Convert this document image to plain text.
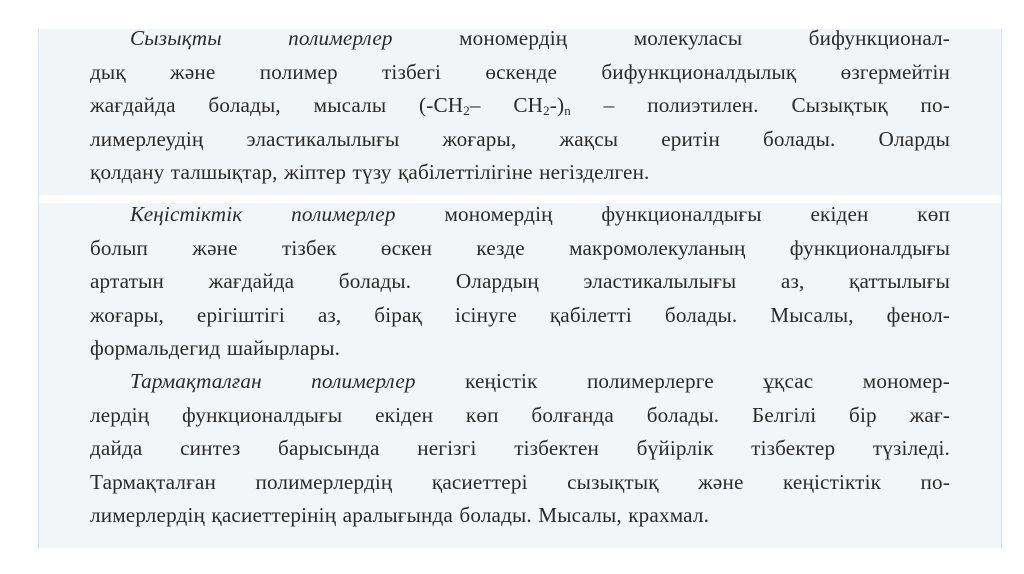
Сызықты полимерлер	мономердің молекуласы бифункционал-
дық және полимер тізбегі өскенде бифункционалдылық өзгермейтін
жағдайда болады, мысалы ($-CH_2-$ $CH_2-)_n$ – полиэтилен. Сызықтық по-
лимерлеудің эластикалылығы жоғары, жақсы еритін болады. Оларды
қолдану талшықтар, жіптер түзу қабілеттілігіне негізделген.
Кеңістіктік полимерлер мономердің функционалдығы екіден көп
болып және тізбек өскен кезде макромолекуланың функционалдығы
артатын жағдайда болады. Олардың эластикалылығы аз, қаттылығы
жоғары, ерігіштігі аз, бірақ ісінуге қабілетті болады. Мысалы, фенол-
формальдегид шайырлары.
Тармақталған полимерлер кеңістік полимерлерге ұқсас мономер-
лердің функционалдығы екіден көп болғанда болады. Белгілі бір жағ-
дайда синтез барысында негізгі тізбектен бүйірлік тізбектер түзіледі.
Тармақталған полимерлердің қасиеттері сызықтық және кеңістіктік по-
лимерлердің қасиеттерінің аралығында болады. Мысалы, крахмал.
